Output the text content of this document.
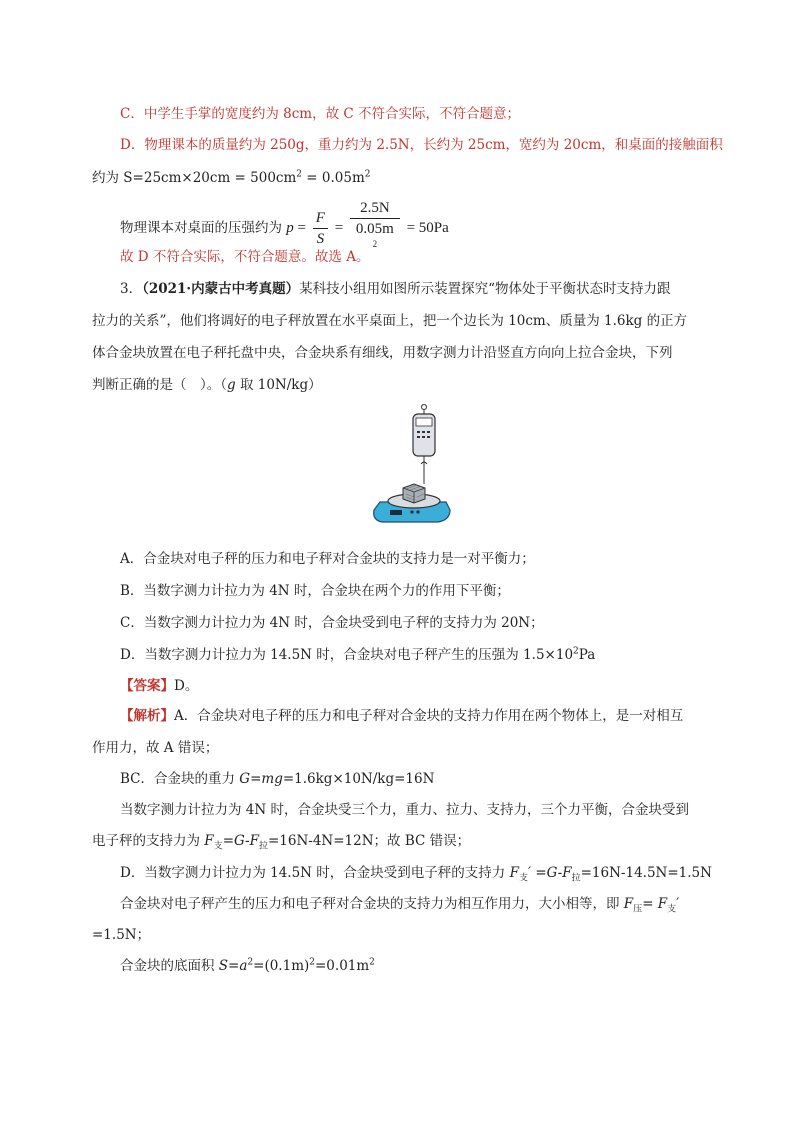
C．中学生手掌的宽度约为 8cm，故 C 不符合实际，不符合题意；
D．物理课本的质量约为 250g，重力约为 2.5N，长约为 25cm，宽约为 20cm，和桌面的接触面积
约为 $S=25cm\times 20cm = 500cm^2 = 0.05m^2$
物理课本对桌面的压强约为 $p = \frac{F}{S} = 2.5N$
0.05m
$^2$ = 50Pa
故 D 不符合实际，不符合题意。故选 A。
3．（2021·内蒙古中考真题）某科技小组用如图所示装置探究“物体处于平衡状态时支持力跟
拉力的关系”，他们将调好的电子秤放置在水平桌面上，把一个边长为 10cm、质量为 1.6kg 的正方
体合金块放置在电子秤托盘中央，合金块系有细线，用数字测力计沿竖直方向向上拉合金块，下列
判断正确的是（　）。（g 取 10N/kg）
A．合金块对电子秤的压力和电子秤对合金块的支持力是一对平衡力；
B．当数字测力计拉力为 4N 时，合金块在两个力的作用下平衡；
C．当数字测力计拉力为 4N 时，合金块受到电子秤的支持力为 20N；
D．当数字测力计拉力为 14.5N 时，合金块对电子秤产生的压强为 $1.5\times 10^2Pa$
【答案】D。
【解析】A．合金块对电子秤的压力和电子秤对合金块的支持力作用在两个物体上，是一对相互
作用力，故 A 错误；
BC．合金块的重力 G=mg=1.6kg×10N/kg=16N
当数字测力计拉力为 4N 时，合金块受三个力，重力、拉力、支持力，三个力平衡，合金块受到
电子秤的支持力为 $F_支=G-F_拉=16N-4N=12N$；故 BC 错误；
D．当数字测力计拉力为 14.5N 时，合金块受到电子秤的支持力 $F_支' =G-F_拉=16N-14.5N=1.5N$
合金块对电子秤产生的压力和电子秤对合金块的支持力为相互作用力，大小相等，即 $F_压= F_支'$
=1.5N；
合金块的底面积 $S=a^2=(0.1m)^2=0.01m^2$
